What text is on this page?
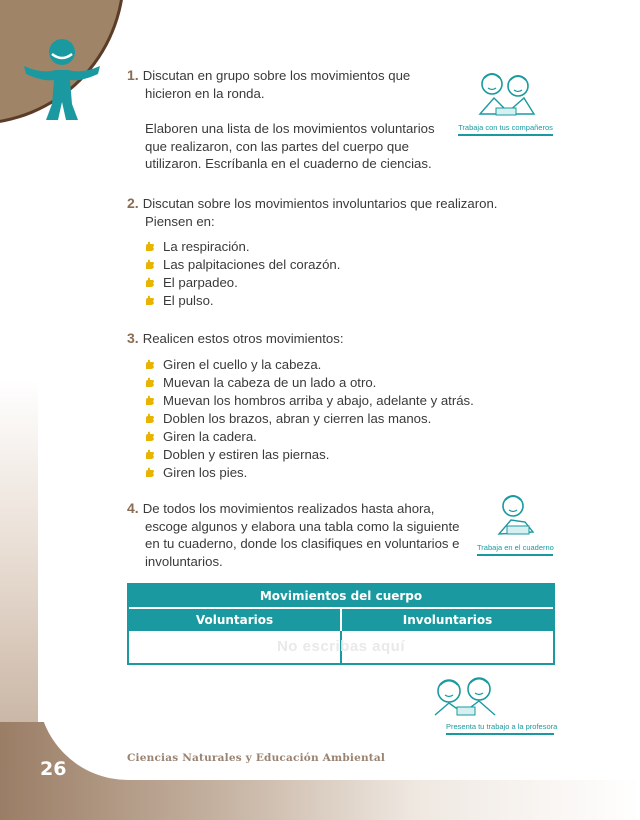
1. Discutan en grupo sobre los movimientos que
hicieron en la ronda.
Elaboren una lista de los movimientos voluntarios
que realizaron, con las partes del cuerpo que
utilizaron. Escríbanla en el cuaderno de ciencias.
Trabaja con tus compañeros
2. Discutan sobre los movimientos involuntarios que realizaron.
Piensen en:
La respiración.
Las palpitaciones del corazón.
El parpadeo.
El pulso.
3. Realicen estos otros movimientos:
Giren el cuello y la cabeza.
Muevan la cabeza de un lado a otro.
Muevan los hombros arriba y abajo, adelante y atrás.
Doblen los brazos, abran y cierren las manos.
Giren la cadera.
Doblen y estiren las piernas.
Giren los pies.
4. De todos los movimientos realizados hasta ahora,
escoge algunos y elabora una tabla como la siguiente
en tu cuaderno, donde los clasifiques en voluntarios e
involuntarios.
Trabaja en el cuaderno
Movimientos del cuerpo
Voluntarios	Involuntarios
No escribas aquí
Presenta tu trabajo a la profesora
26	Ciencias Naturales y Educación Ambiental
